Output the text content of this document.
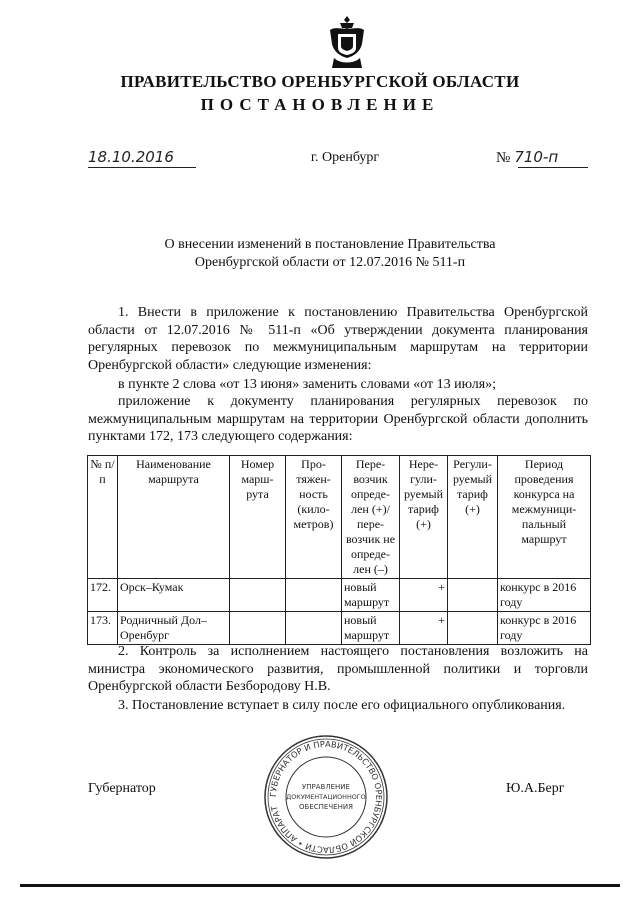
ПРАВИТЕЛЬСТВО ОРЕНБУРГСКОЙ ОБЛАСТИ
ПОСТАНОВЛЕНИЕ
18.10.2016	г. Оренбург	№ 710-п
О внесении изменений в постановление Правительства
Оренбургской области от 12.07.2016 № 511-п
1. Внести в приложение к постановлению Правительства Оренбургской области от 12.07.2016 № 511-п «Об утверждении документа планирования регулярных перевозок по межмуниципальным маршрутам на территории Оренбургской области» следующие изменения:
в пункте 2 слова «от 13 июня» заменить словами «от 13 июля»;
приложение к документу планирования регулярных перевозок по межмуниципальным маршрутам на территории Оренбургской области дополнить пунктами 172, 173 следующего содержания:
№ п/п	Наименование маршрута	Номер марш-рута	Про-тяжен-ность (кило-метров)	Пере-возчик опреде-лен (+)/ пере-возчик не опреде-лен (–)	Нере-гули-руемый тариф (+)	Регули-руемый тариф (+)	Период проведения конкурса на межмуници-пальный маршрут
172.	Орск–Кумак			новый маршрут	+		конкурс в 2016 году
173.	Родничный Дол–Оренбург			новый маршрут	+		конкурс в 2016 году
2. Контроль за исполнением настоящего постановления возложить на министра экономического развития, промышленной политики и торговли Оренбургской области Безбородову Н.В.
3. Постановление вступает в силу после его официального опубликования.
Губернатор	Ю.А.Берг
ГУБЕРНАТОР И ПРАВИТЕЛЬСТВО ОРЕНБУРГСКОЙ ОБЛАСТИ • АППАРАТ
УПРАВЛЕНИЕ
ДОКУМЕНТАЦИОННОГО
ОБЕСПЕЧЕНИЯ
